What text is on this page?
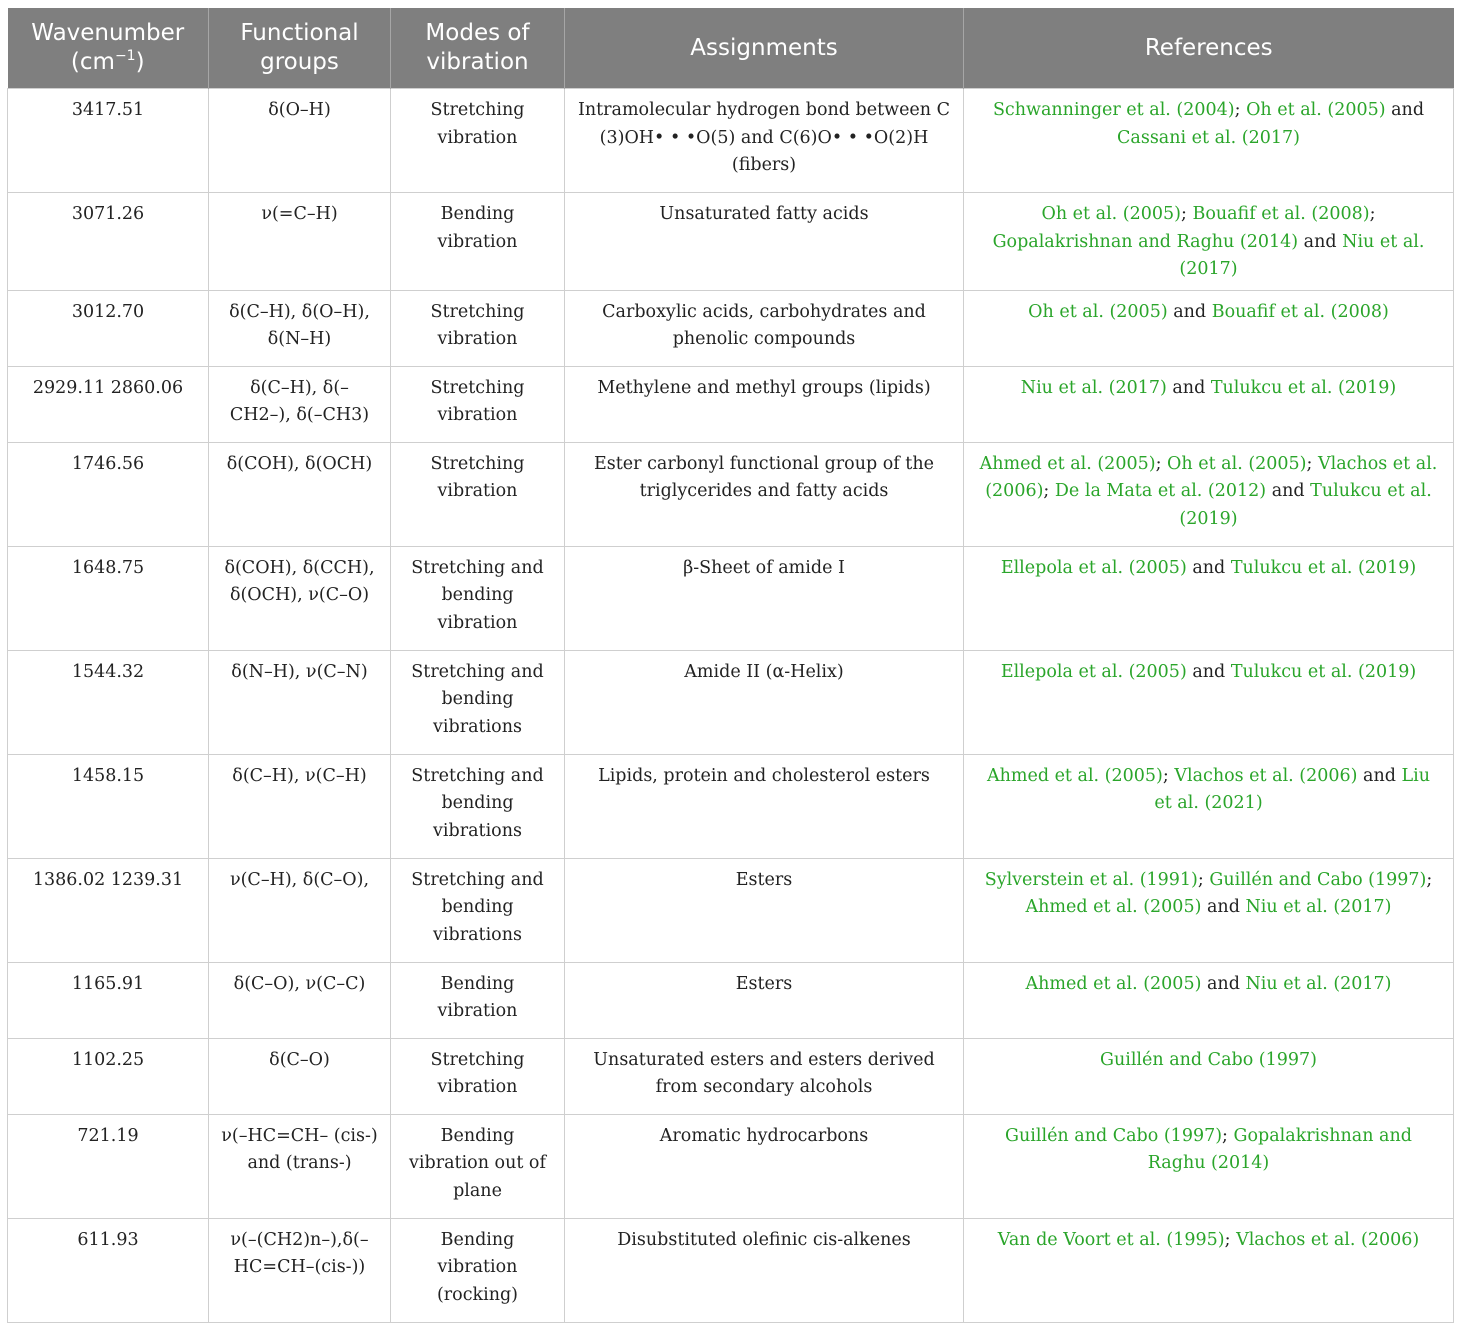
Wavenumber
$(cm^{-1})$	Functional groups	Modes of vibration	Assignments	References
3417.51	δ(O–H)	Stretching vibration	Intramolecular hydrogen bond between C (3)OH• • •O(5) and C(6)O• • •O(2)H (fibers)	Schwanninger et al. (2004); Oh et al. (2005) and Cassani et al. (2017)
3071.26	ν(=C–H)	Bending vibration	Unsaturated fatty acids	Oh et al. (2005); Bouafif et al. (2008); Gopalakrishnan and Raghu (2014) and Niu et al. (2017)
3012.70	δ(C–H), δ(O–H), δ(N–H)	Stretching vibration	Carboxylic acids, carbohydrates and phenolic compounds	Oh et al. (2005) and Bouafif et al. (2008)
2929.11 2860.06	δ(C–H), δ(–CH2–), δ(–CH3)	Stretching vibration	Methylene and methyl groups (lipids)	Niu et al. (2017) and Tulukcu et al. (2019)
1746.56	δ(COH), δ(OCH)	Stretching vibration	Ester carbonyl functional group of the triglycerides and fatty acids	Ahmed et al. (2005); Oh et al. (2005); Vlachos et al. (2006); De la Mata et al. (2012) and Tulukcu et al. (2019)
1648.75	δ(COH), δ(CCH), δ(OCH), ν(C–O)	Stretching and bending vibration	β-Sheet of amide I	Ellepola et al. (2005) and Tulukcu et al. (2019)
1544.32	δ(N–H), ν(C–N)	Stretching and bending vibrations	Amide II (α-Helix)	Ellepola et al. (2005) and Tulukcu et al. (2019)
1458.15	δ(C–H), ν(C–H)	Stretching and bending vibrations	Lipids, protein and cholesterol esters	Ahmed et al. (2005); Vlachos et al. (2006) and Liu et al. (2021)
1386.02 1239.31	ν(C–H), δ(C–O),	Stretching and bending vibrations	Esters	Sylverstein et al. (1991); Guillén and Cabo (1997); Ahmed et al. (2005) and Niu et al. (2017)
1165.91	δ(C–O), ν(C–C)	Bending vibration	Esters	Ahmed et al. (2005) and Niu et al. (2017)
1102.25	δ(C–O)	Stretching vibration	Unsaturated esters and esters derived from secondary alcohols	Guillén and Cabo (1997)
721.19	ν(–HC=CH– (cis-) and (trans-)	Bending vibration out of plane	Aromatic hydrocarbons	Guillén and Cabo (1997); Gopalakrishnan and Raghu (2014)
611.93	ν(–(CH2)n–),δ(–HC=CH–(cis-))	Bending vibration (rocking)	Disubstituted olefinic cis-alkenes	Van de Voort et al. (1995); Vlachos et al. (2006)
